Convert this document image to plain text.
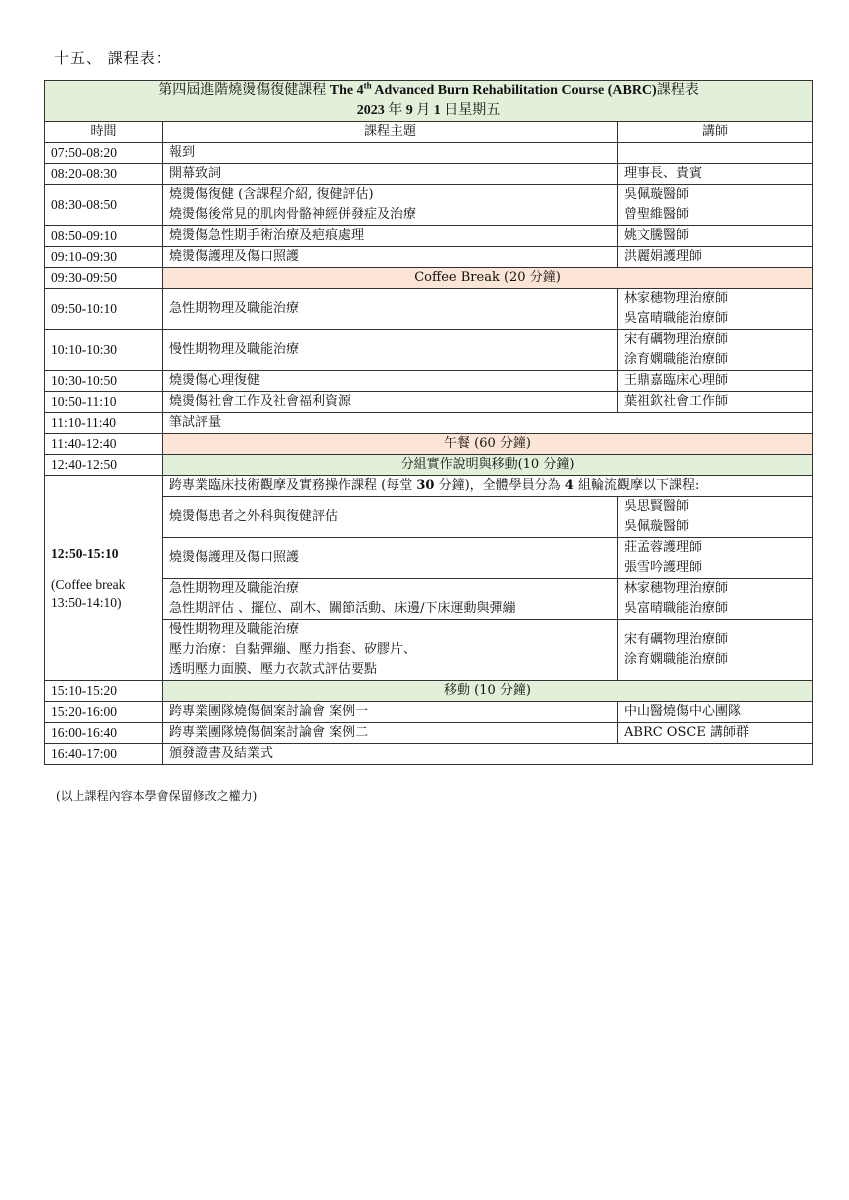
十五、 課程表：
第四屆進階燒燙傷復健課程 The 4th Advanced Burn Rehabilitation Course (ABRC)課程表
2023 年 9 月 1 日星期五		

時間	課程主題	講師
07:50-08:20	報到	
08:20-08:30	開幕致詞	理事長、貴賓
08:30-08:50	燒燙傷復健 (含課程介紹, 復健評估)
燒燙傷後常見的肌肉骨骼神經併發症及治療	吳佩璇醫師
曾聖維醫師

08:50-09:10	燒燙傷急性期手術治療及疤痕處理	姚文騰醫師
09:10-09:30	燒燙傷護理及傷口照護	洪麗娟護理師
09:30-09:50	Coffee Break (20 分鐘)	
09:50-10:10	急性期物理及職能治療	林家穗物理治療師
吳富晴職能治療師

10:10-10:30	慢性期物理及職能治療	宋有礪物理治療師
涂育嫻職能治療師

10:30-10:50	燒燙傷心理復健	王鼎嘉臨床心理師
10:50-11:10	燒燙傷社會工作及社會福利資源	葉祖欽社會工作師
11:10-11:40	筆試評量	
11:40-12:40	午餐 (60 分鐘)	
12:40-12:50	分組實作說明與移動(10 分鐘)	

12:50-15:10
(Coffee break
13:50-14:10)	跨專業臨床技術觀摩及實務操作課程 (每堂 30 分鐘)，全體學員分為 4 組輪流觀摩以下課程:	
	燒燙傷患者之外科與復健評估	吳思賢醫師
吳佩璇醫師

	燒燙傷護理及傷口照護	莊孟蓉護理師
張雪吟護理師

	急性期物理及職能治療
急性期評估 、擺位、副木、關節活動、床邊/下床運動與彈繃	林家穗物理治療師
吳富晴職能治療師

	慢性期物理及職能治療
壓力治療：自黏彈繃、壓力指套、矽膠片、
透明壓力面膜、壓力衣款式評估要點	宋有礪物理治療師
涂育嫻職能治療師

15:10-15:20	移動 (10 分鐘)	
15:20-16:00	跨專業團隊燒傷個案討論會 案例一	中山醫燒傷中心團隊
16:00-16:40	跨專業團隊燒傷個案討論會 案例二	ABRC OSCE 講師群
16:40-17:00	頒發證書及結業式	
(以上課程內容本學會保留修改之權力)
